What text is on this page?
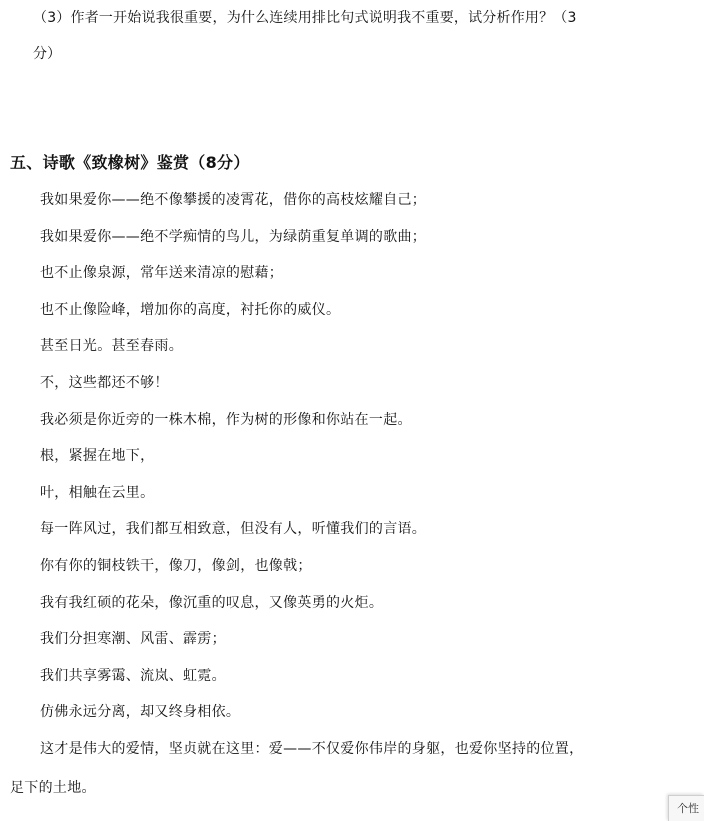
（3）作者一开始说我很重要，为什么连续用排比句式说明我不重要，试分析作用？（3
分）
五、诗歌《致橡树》鉴赏（8分）
我如果爱你——绝不像攀援的凌霄花，借你的高枝炫耀自己；
我如果爱你——绝不学痴情的鸟儿，为绿荫重复单调的歌曲；
也不止像泉源，常年送来清凉的慰藉；
也不止像险峰，增加你的高度，衬托你的威仪。
甚至日光。甚至春雨。
不，这些都还不够！
我必须是你近旁的一株木棉，作为树的形像和你站在一起。
根，紧握在地下，
叶，相触在云里。
每一阵风过，我们都互相致意，但没有人，听懂我们的言语。
你有你的铜枝铁干，像刀，像剑，也像戟；
我有我红硕的花朵，像沉重的叹息，又像英勇的火炬。
我们分担寒潮、风雷、霹雳；
我们共享雾霭、流岚、虹霓。
仿佛永远分离，却又终身相依。
这才是伟大的爱情，坚贞就在这里：爱——不仅爱你伟岸的身躯，也爱你坚持的位置，
足下的土地。
个性
